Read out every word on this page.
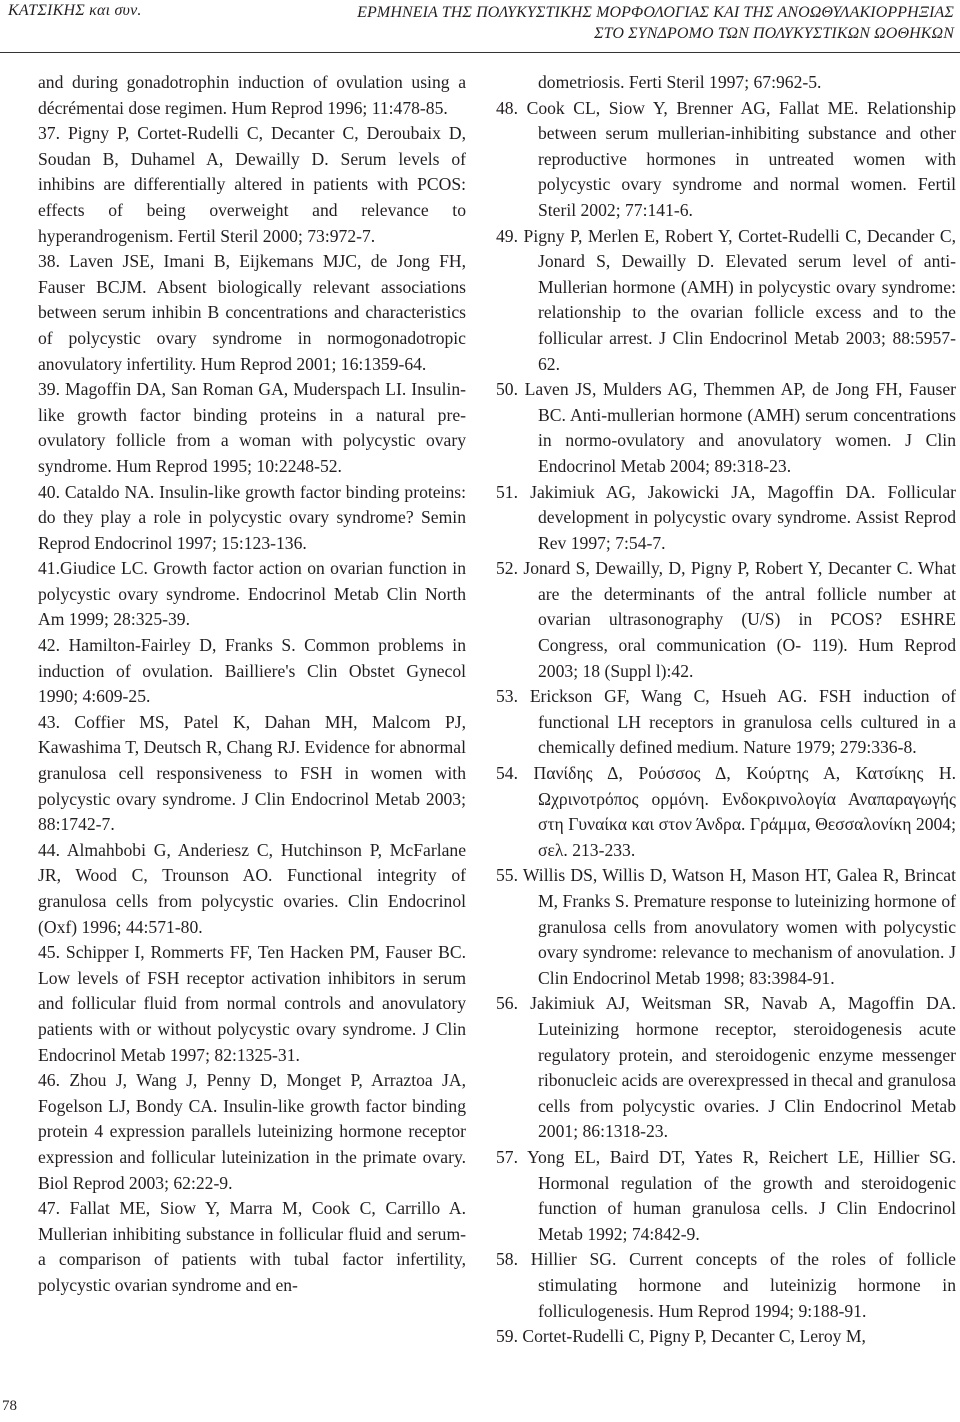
ΚΑΤΣΙΚΗΣ και συν.	ΕΡΜΗΝΕΙΑ ΤΗΣ ΠΟΛΥΚΥΣΤΙΚΗΣ ΜΟΡΦΟΛΟΓΙΑΣ ΚΑΙ ΤΗΣ ΑΝΟΩΘΥΛΑΚΙΟΡΡΗΞΙΑΣ
ΣΤΟ ΣΥΝΔΡΟΜΟ ΤΩΝ ΠΟΛΥΚΥΣΤΙΚΩΝ ΩΟΘΗΚΩΝ

and during gonadotrophin induction of ovulation using a décrémentai dose regimen. Hum Reprod 1996; 11:478-85.

37. Pigny P, Cortet-Rudelli C, Decanter C, Deroubaix D, Soudan B, Duhamel A, Dewailly D. Serum levels of inhibins are differentially altered in patients with PCOS: effects of being overweight and relevance to hyperandrogenism. Fertil Steril 2000; 73:972-7.

38. Laven JSE, Imani B, Eijkemans MJC, de Jong FH, Fauser BCJM. Absent biologically relevant associations between serum inhibin B concentrations and characteristics of polycystic ovary syndrome in normogonadotropic anovulatory infertility. Hum Reprod 2001; 16:1359-64.

39. Magoffin DA, San Roman GA, Muderspach LI. Insulin-like growth factor binding proteins in a natural pre-ovulatory follicle from a woman with polycystic ovary syndrome. Hum Reprod 1995; 10:2248-52.

40. Cataldo NA. Insulin-like growth factor binding proteins: do they play a role in polycystic ovary syndrome? Semin Reprod Endocrinol 1997; 15:123-136.

41.Giudice LC. Growth factor action on ovarian function in polycystic ovary syndrome. Endocrinol Metab Clin North Am 1999; 28:325-39.

42. Hamilton-Fairley D, Franks S. Common problems in induction of ovulation. Bailliere's Clin Obstet Gynecol 1990; 4:609-25.

43. Coffier MS, Patel K, Dahan MH, Malcom PJ, Kawashima T, Deutsch R, Chang RJ. Evidence for abnormal granulosa cell responsiveness to FSH in women with polycystic ovary syndrome. J Clin Endocrinol Metab 2003; 88:1742-7.

44. Almahbobi G, Anderiesz C, Hutchinson P, McFarlane JR, Wood C, Trounson AO. Functional integrity of granulosa cells from polycystic ovaries. Clin Endocrinol (Oxf) 1996; 44:571-80.

45. Schipper I, Rommerts FF, Ten Hacken PM, Fauser BC. Low levels of FSH receptor activation inhibitors in serum and follicular fluid from normal controls and anovulatory patients with or without polycystic ovary syndrome. J Clin Endocrinol Metab 1997; 82:1325-31.

46. Zhou J, Wang J, Penny D, Monget P, Arraztoa JA, Fogelson LJ, Bondy CA. Insulin-like growth factor binding protein 4 expression parallels luteinizing hormone receptor expression and follicular luteinization in the primate ovary. Biol Reprod 2003; 62:22-9.

47. Fallat ME, Siow Y, Marra M, Cook C, Carrillo A. Mullerian inhibiting substance in follicular fluid and serum- a comparison of patients with tubal factor infertility, polycystic ovarian syndrome and en-

dometriosis. Ferti Steril 1997; 67:962-5.

48. Cook CL, Siow Y, Brenner AG, Fallat ME. Relationship between serum mullerian-inhibiting substance and other reproductive hormones in untreated women with polycystic ovary syndrome and normal women. Fertil Steril 2002; 77:141-6.

49. Pigny P, Merlen E, Robert Y, Cortet-Rudelli C, Decander C, Jonard S, Dewailly D. Elevated serum level of anti-Mullerian hormone (AMH) in polycystic ovary syndrome: relationship to the ovarian follicle excess and to the follicular arrest. J Clin Endocrinol Metab 2003; 88:5957-62.

50. Laven JS, Mulders AG, Themmen AP, de Jong FH, Fauser BC. Anti-mullerian hormone (AMH) serum concentrations in normo-ovulatory and anovulatory women. J Clin Endocrinol Metab 2004; 89:318-23.

51. Jakimiuk AG, Jakowicki JA, Magoffin DA. Follicular development in polycystic ovary syndrome. Assist Reprod Rev 1997; 7:54-7.

52. Jonard S, Dewailly, D, Pigny P, Robert Y, Decanter C. What are the determinants of the antral follicle number at ovarian ultrasonography (U/S) in PCOS? ESHRE Congress, oral communication (O- 119). Hum Reprod 2003; 18 (Suppl l):42.

53. Erickson GF, Wang C, Hsueh AG. FSH induction of functional LH receptors in granulosa cells cultured in a chemically defined medium. Nature 1979; 279:336-8.

54. Πανίδης Δ, Ρούσσος Δ, Κούρτης Α, Κατσίκης Η. Ωχρινοτρόπος ορμόνη. Ενδοκρινολογία Αναπαραγωγής στη Γυναίκα και στον Άνδρα. Γράμμα, Θεσσαλονίκη 2004; σελ. 213-233.

55. Willis DS, Willis D, Watson H, Mason HT, Galea R, Brincat M, Franks S. Premature response to luteinizing hormone of granulosa cells from anovulatory women with polycystic ovary syndrome: relevance to mechanism of anovulation. J Clin Endocrinol Metab 1998; 83:3984-91.

56. Jakimiuk AJ, Weitsman SR, Navab A, Magoffin DA. Luteinizing hormone receptor, steroidogenesis acute regulatory protein, and steroidogenic enzyme messenger ribonucleic acids are overexpressed in thecal and granulosa cells from polycystic ovaries. J Clin Endocrinol Metab 2001; 86:1318-23.

57. Yong EL, Baird DT, Yates R, Reichert LE, Hillier SG. Hormonal regulation of the growth and steroidogenic function of human granulosa cells. J Clin Endocrinol Metab 1992; 74:842-9.

58. Hillier SG. Current concepts of the roles of follicle stimulating hormone and luteinizig hormone in folliculogenesis. Hum Reprod 1994; 9:188-91.

59. Cortet-Rudelli C, Pigny P, Decanter C, Leroy M,

78
